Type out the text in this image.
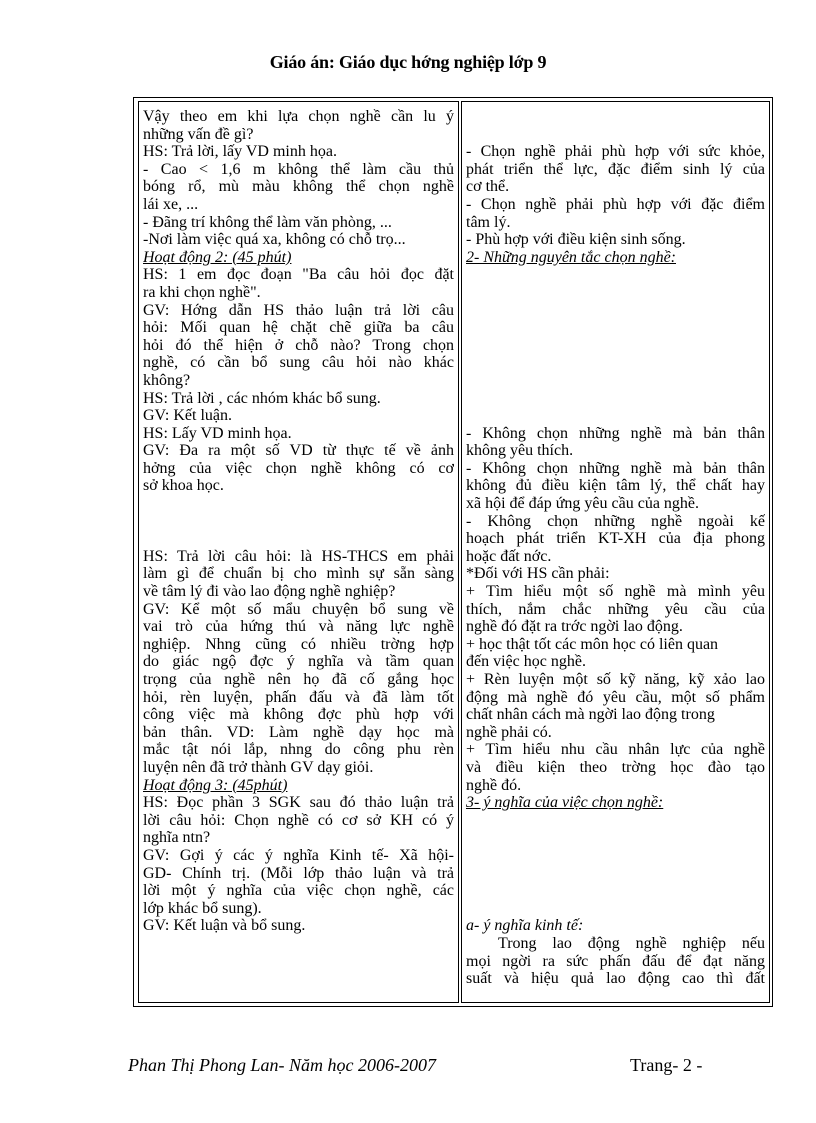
Giáo án: Giáo dục hớng nghiệp lớp 9
Vậy theo em khi lựa chọn nghề cần lu ý
những vấn đề gì?
HS: Trả lời, lấy VD minh họa.
- Cao < 1,6 m không thể làm cầu thủ
bóng rổ, mù màu không thể chọn nghề
lái xe, ...
- Đãng trí không thể làm văn phòng, ...
-Nơi làm việc quá xa, không có chỗ trọ...
Hoạt động 2: (45 phút)
HS: 1 em đọc đoạn "Ba câu hỏi đọc đặt
ra khi chọn nghề".
GV: Hớng dẫn HS thảo luận trả lời câu
hỏi: Mối quan hệ chặt chẽ giữa ba câu
hỏi đó thể hiện ở chỗ nào? Trong chọn
nghề, có cần bổ sung câu hỏi nào khác
không?
HS: Trả lời , các nhóm khác bổ sung.
GV: Kết luận.
HS: Lấy VD minh họa.
GV: Đa ra một số VD từ thực tế về ảnh
hởng của việc chọn nghề không có cơ
sở khoa học.

HS: Trả lời câu hỏi: là HS-THCS em phải
làm gì để chuẩn bị cho mình sự sẵn sàng
về tâm lý đi vào lao động nghề nghiệp?
GV: Kể một số mẩu chuyện bổ sung về
vai trò của hứng thú và năng lực nghề
nghiệp. Nhng cũng có nhiều trờng hợp
do giác ngộ đợc ý nghĩa và tầm quan
trọng của nghề nên họ đã cố gắng học
hỏi, rèn luyện, phấn đấu và đã làm tốt
công việc mà không đợc phù hợp với
bản thân. VD: Làm nghề dạy học mà
mắc tật nói lắp, nhng do công phu rèn
luyện nên đã trở thành GV dạy giỏi.
Hoạt động 3: (45phút)
HS: Đọc phần 3 SGK sau đó thảo luận trả
lời câu hỏi: Chọn nghề có cơ sở KH có ý
nghĩa ntn?
GV: Gợi ý các ý nghĩa Kinh tế- Xã hội-
GD- Chính trị. (Mỗi lớp thảo luận và trả
lời một ý nghĩa của việc chọn nghề, các
lớp khác bổ sung).
GV: Kết luận và bổ sung.

- Chọn nghề phải phù hợp với sức khỏe,
phát triển thể lực, đặc điểm sinh lý của
cơ thể.
- Chọn nghề phải phù hợp với đặc điểm
tâm lý.
- Phù hợp với điều kiện sinh sống.
2- Những nguyên tắc chọn nghề:

- Không chọn những nghề mà bản thân
không yêu thích.
- Không chọn những nghề mà bản thân
không đủ điều kiện tâm lý, thể chất hay
xã hội để đáp ứng yêu cầu của nghề.
- Không chọn những nghề ngoài kế
hoạch phát triển KT-XH của địa phong
hoặc đất nớc.
*Đối với HS cần phải:
+ Tìm hiểu một số nghề mà mình yêu
thích, nắm chắc những yêu cầu của
nghề đó đặt ra trớc ngời lao động.
+ học thật tốt các môn học có liên quan
đến việc học nghề.
+ Rèn luyện một số kỹ năng, kỹ xảo lao
động mà nghề đó yêu cầu, một số phẩm
chất nhân cách mà ngời lao động trong
nghề phải có.
+ Tìm hiểu nhu cầu nhân lực của nghề
và điều kiện theo trờng học đào tạo
nghề đó.
3- ý nghĩa của việc chọn nghề:

a- ý nghĩa kinh tế:
Trong lao động nghề nghiệp nếu
mọi ngời ra sức phấn đấu để đạt năng
suất và hiệu quả lao động cao thì đất
Phan Thị Phong Lan- Năm học 2006-2007	Trang- 2 -
